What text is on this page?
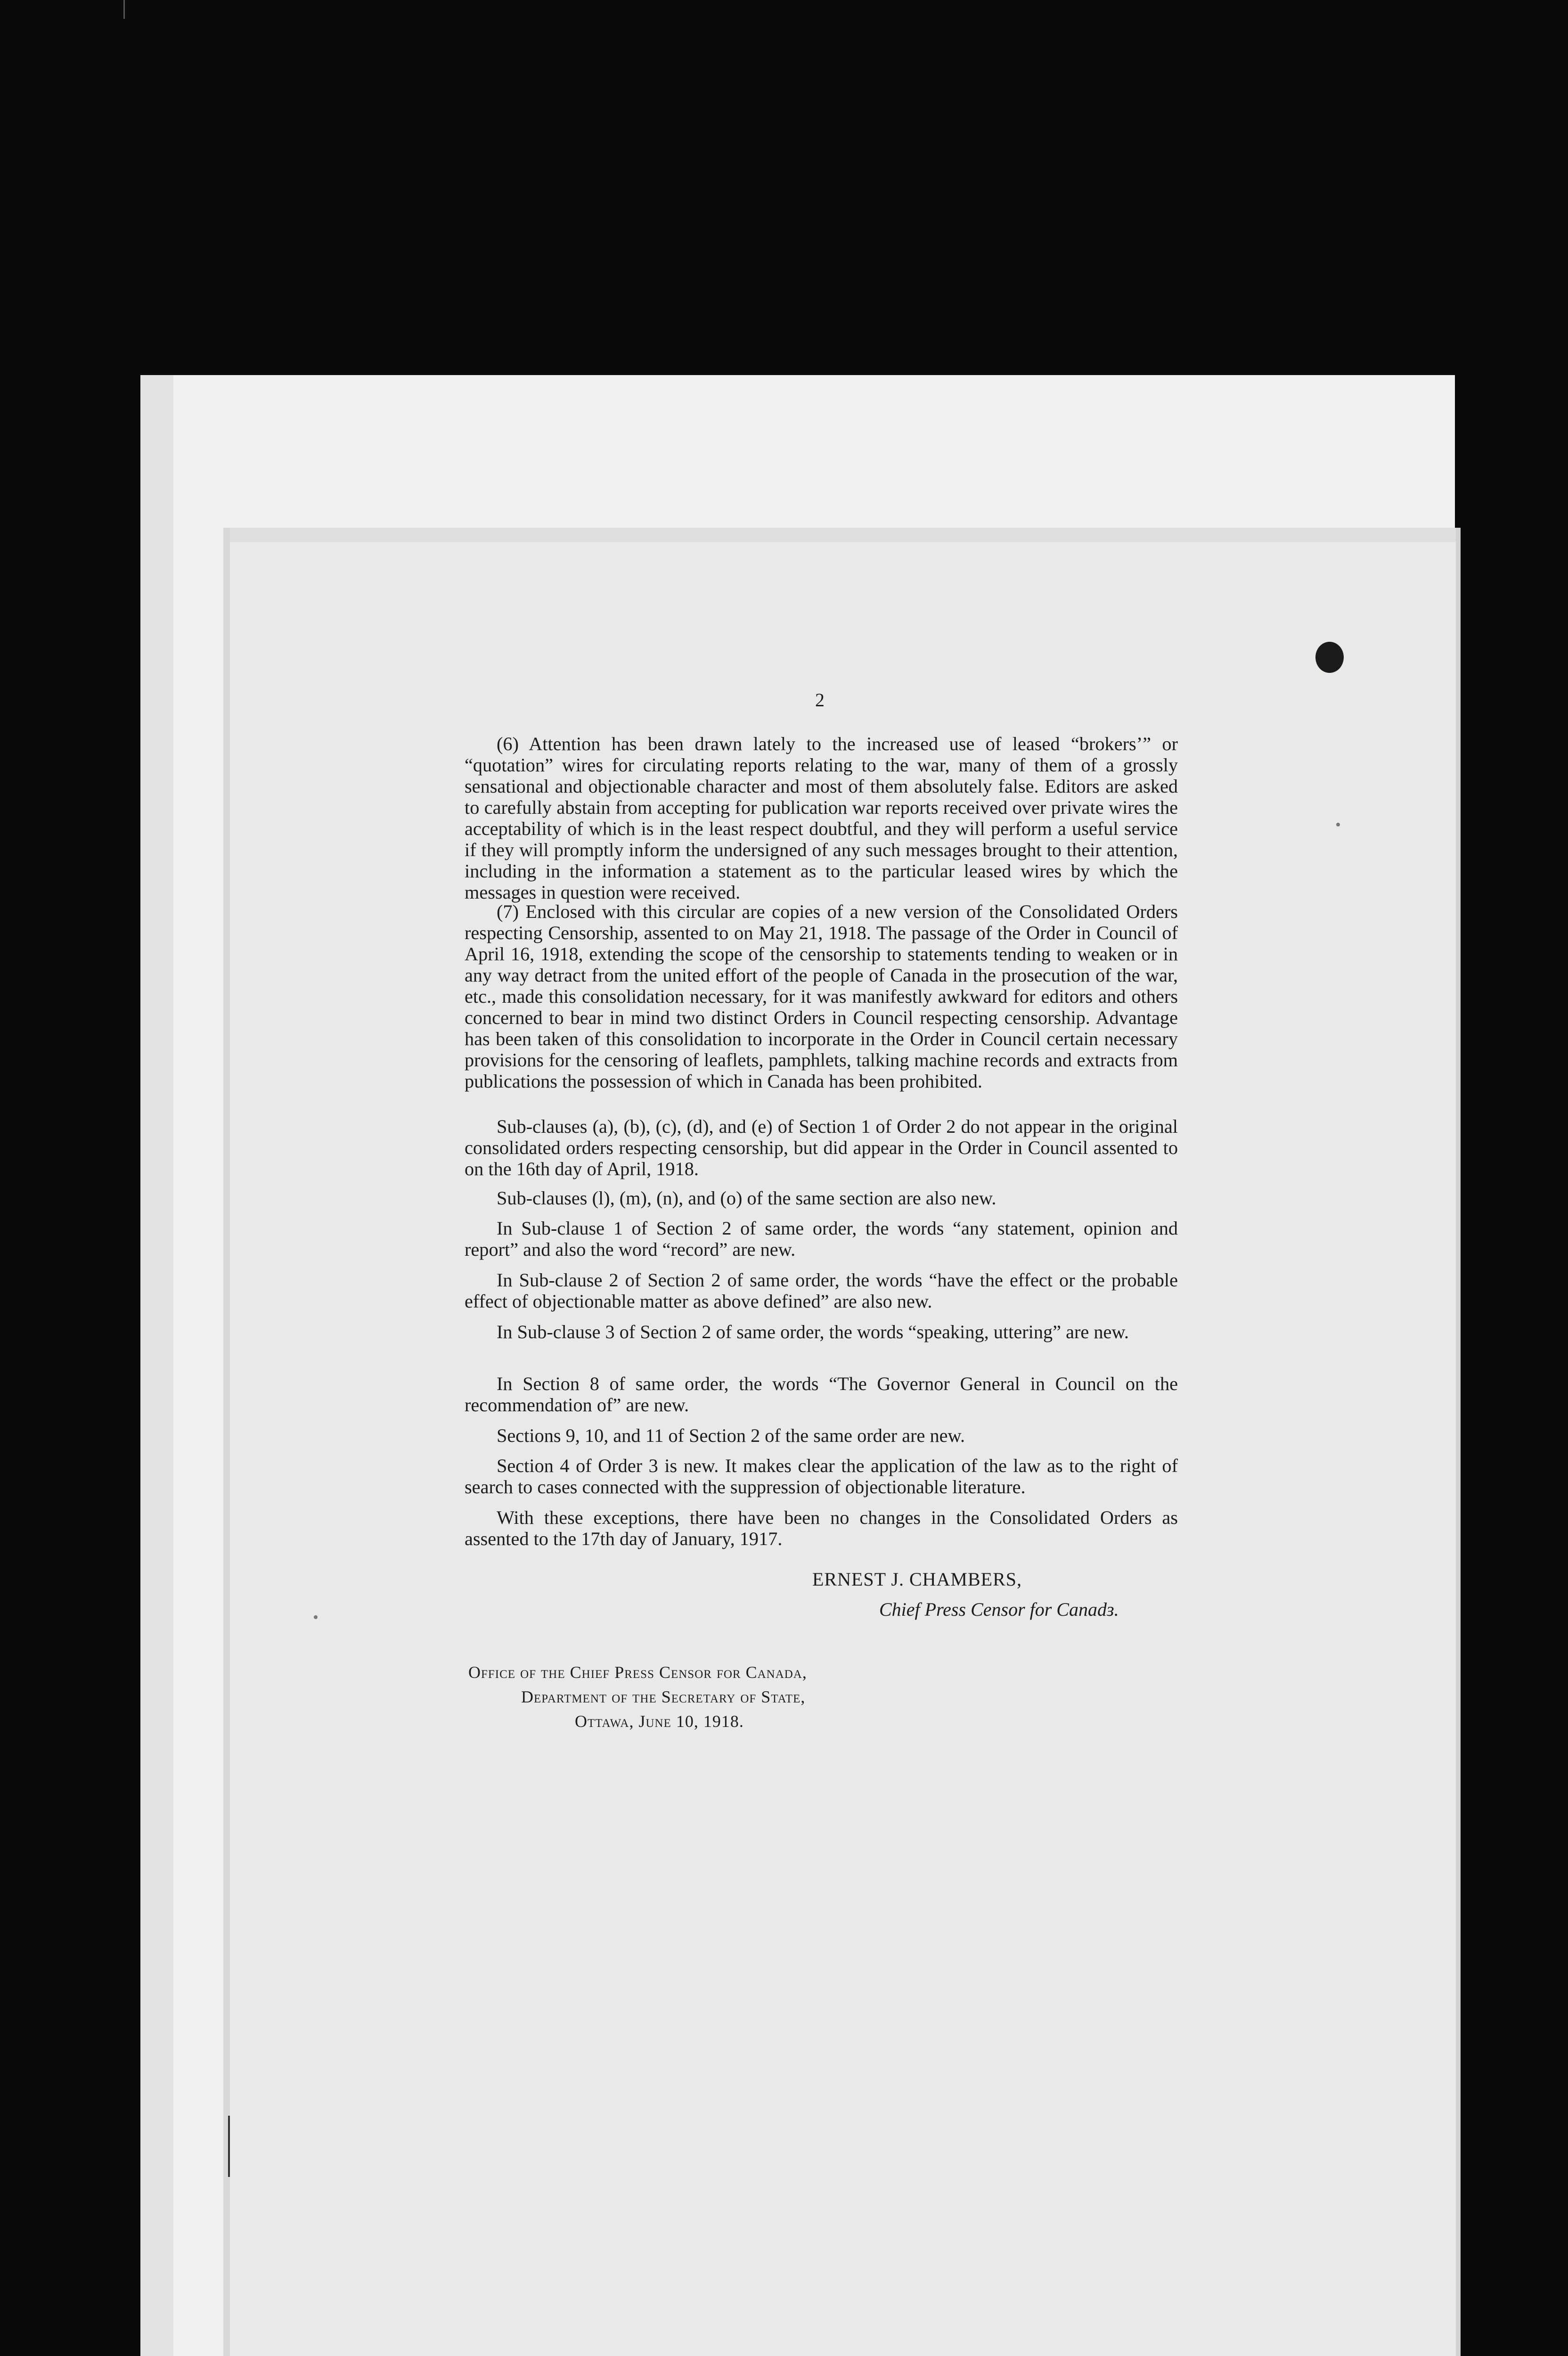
2

(6) Attention has been drawn lately to the increased use of leased “brokers’” or “quotation” wires for circulating reports relating to the war, many of them of a grossly sensational and objectionable character and most of them absolutely false. Editors are asked to carefully abstain from accepting for publication war reports received over private wires the acceptability of which is in the least respect doubtful, and they will perform a useful service if they will promptly inform the undersigned of any such messages brought to their attention, including in the information a statement as to the particular leased wires by which the messages in question were received.

(7) Enclosed with this circular are copies of a new version of the Consolidated Orders respecting Censorship, assented to on May 21, 1918. The passage of the Order in Council of April 16, 1918, extending the scope of the censorship to statements tending to weaken or in any way detract from the united effort of the people of Canada in the prosecution of the war, etc., made this consolidation necessary, for it was manifestly awkward for editors and others concerned to bear in mind two distinct Orders in Council respecting censorship. Advantage has been taken of this consolidation to incorporate in the Order in Council certain necessary provisions for the censoring of leaflets, pamphlets, talking machine records and extracts from publications the possession of which in Canada has been prohibited.

Sub-clauses (a), (b), (c), (d), and (e) of Section 1 of Order 2 do not appear in the original consolidated orders respecting censorship, but did appear in the Order in Council assented to on the 16th day of April, 1918.

Sub-clauses (l), (m), (n), and (o) of the same section are also new.

In Sub-clause 1 of Section 2 of same order, the words “any statement, opinion and report” and also the word “record” are new.

In Sub-clause 2 of Section 2 of same order, the words “have the effect or the probable effect of objectionable matter as above defined” are also new.

In Sub-clause 3 of Section 2 of same order, the words “speaking, uttering” are new.

In Section 8 of same order, the words “The Governor General in Council on the recommendation of” are new.

Sections 9, 10, and 11 of Section 2 of the same order are new.

Section 4 of Order 3 is new. It makes clear the application of the law as to the right of search to cases connected with the suppression of objectionable literature.

With these exceptions, there have been no changes in the Consolidated Orders as assented to the 17th day of January, 1917.

ERNEST J. CHAMBERS,
Chief Press Censor for Canadɜ.
Office of the Chief Press Censor for Canada,
Department of the Secretary of State,
Ottawa, June 10, 1918.
